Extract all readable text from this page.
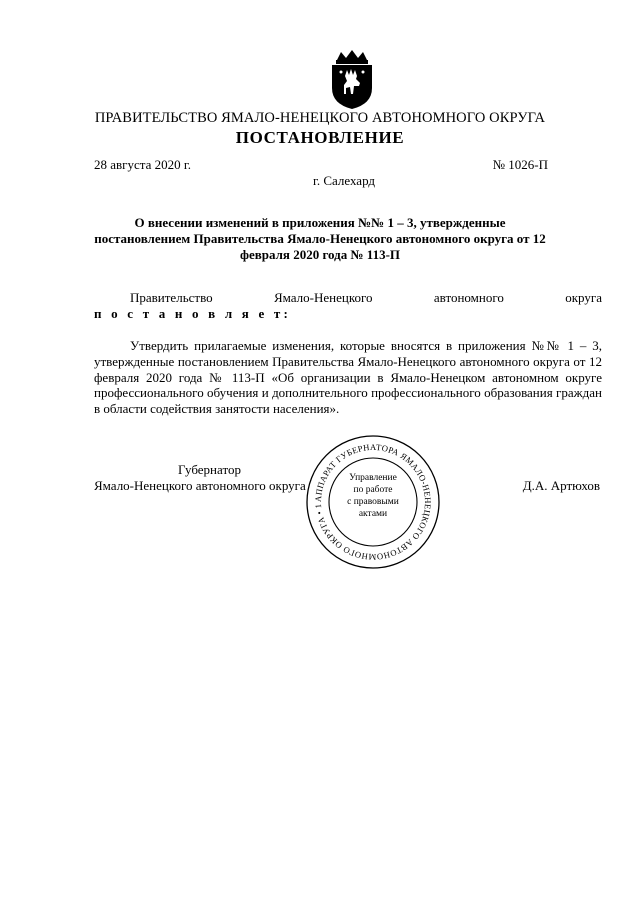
ПРАВИТЕЛЬСТВО ЯМАЛО-НЕНЕЦКОГО АВТОНОМНОГО ОКРУГА
ПОСТАНОВЛЕНИЕ
28 августа 2020 г.	№ 1026-П
г. Салехард
О внесении изменений в приложения №№ 1 – 3, утвержденные постановлением Правительства Ямало-Ненецкого автономного округа от 12 февраля 2020 года № 113-П
Правительство	Ямало-Ненецкого	автономного	округа
п о с т а н о в л я е т:
Утвердить прилагаемые изменения, которые вносятся в приложения №№ 1 – 3, утвержденные постановлением Правительства Ямало-Ненецкого автономного округа от 12 февраля 2020 года № 113-П «Об организации в Ямало-Ненецком автономном округе профессионального обучения и дополнительного профессионального образования граждан в области содействия занятости населения».
Губернатор
Ямало-Ненецкого автономного округа	Д.А. Артюхов
АППАРАТ ГУБЕРНАТОРА ЯМАЛО-НЕНЕЦКОГО АВТОНОМНОГО ОКРУГА • 1
Управление
по работе
с правовыми
актами
